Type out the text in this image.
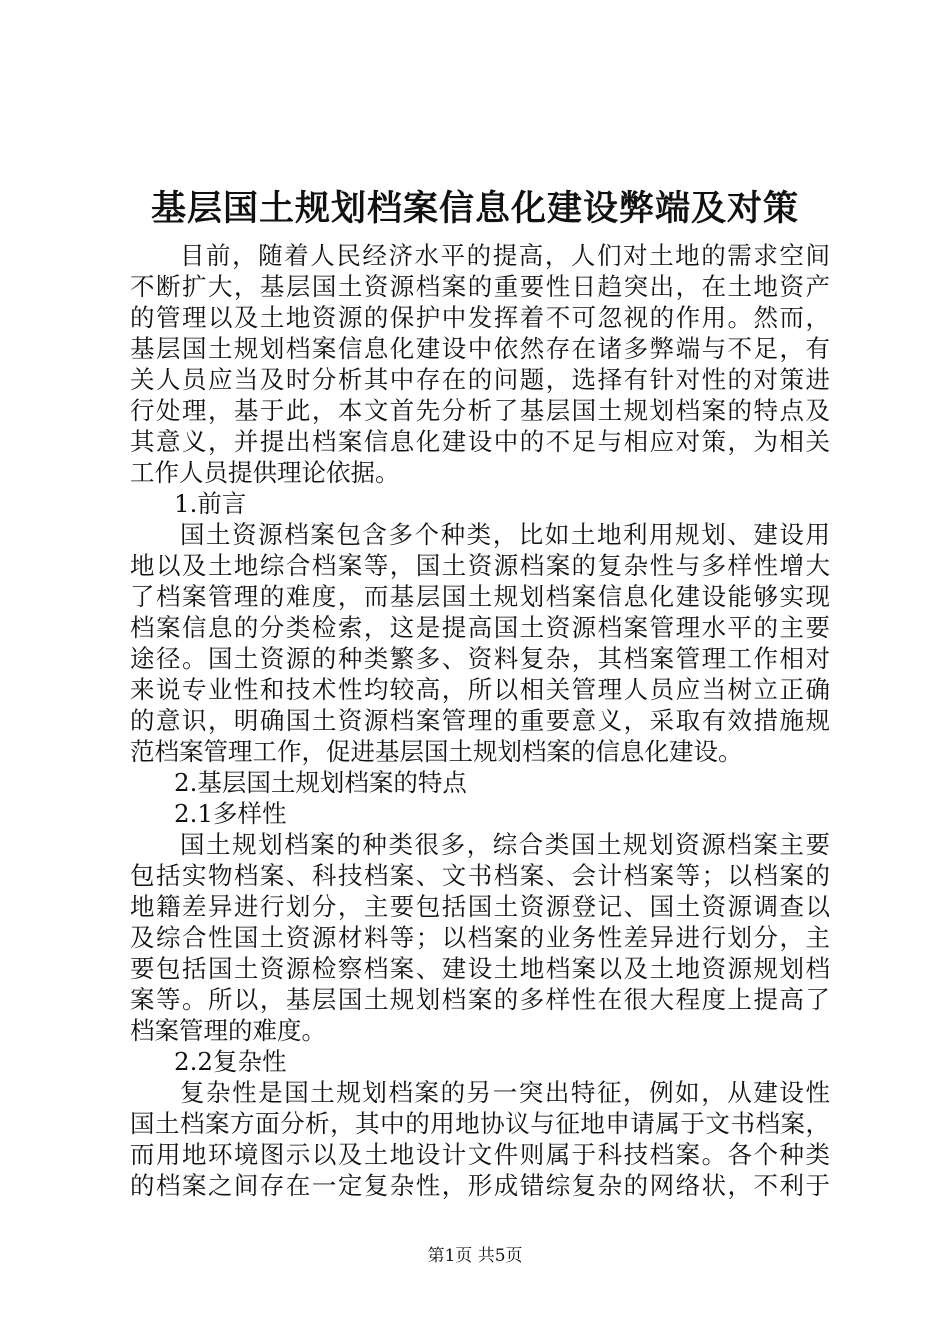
基层国土规划档案信息化建设弊端及对策
目前，随着人民经济水平的提高，人们对土地的需求空间
不断扩大，基层国土资源档案的重要性日趋突出，在土地资产
的管理以及土地资源的保护中发挥着不可忽视的作用。然而，
基层国土规划档案信息化建设中依然存在诸多弊端与不足，有
关人员应当及时分析其中存在的问题，选择有针对性的对策进
行处理，基于此，本文首先分析了基层国土规划档案的特点及
其意义，并提出档案信息化建设中的不足与相应对策，为相关
工作人员提供理论依据。
1.前言
国土资源档案包含多个种类，比如土地利用规划、建设用
地以及土地综合档案等，国土资源档案的复杂性与多样性增大
了档案管理的难度，而基层国土规划档案信息化建设能够实现
档案信息的分类检索，这是提高国土资源档案管理水平的主要
途径。国土资源的种类繁多、资料复杂，其档案管理工作相对
来说专业性和技术性均较高，所以相关管理人员应当树立正确
的意识，明确国土资源档案管理的重要意义，采取有效措施规
范档案管理工作，促进基层国土规划档案的信息化建设。
2.基层国土规划档案的特点
2.1多样性
国土规划档案的种类很多，综合类国土规划资源档案主要
包括实物档案、科技档案、文书档案、会计档案等；以档案的
地籍差异进行划分，主要包括国土资源登记、国土资源调查以
及综合性国土资源材料等；以档案的业务性差异进行划分，主
要包括国土资源检察档案、建设土地档案以及土地资源规划档
案等。所以，基层国土规划档案的多样性在很大程度上提高了
档案管理的难度。
2.2复杂性
复杂性是国土规划档案的另一突出特征，例如，从建设性
国土档案方面分析，其中的用地协议与征地申请属于文书档案，
而用地环境图示以及土地设计文件则属于科技档案。各个种类
的档案之间存在一定复杂性，形成错综复杂的网络状，不利于
第1页 共5页
